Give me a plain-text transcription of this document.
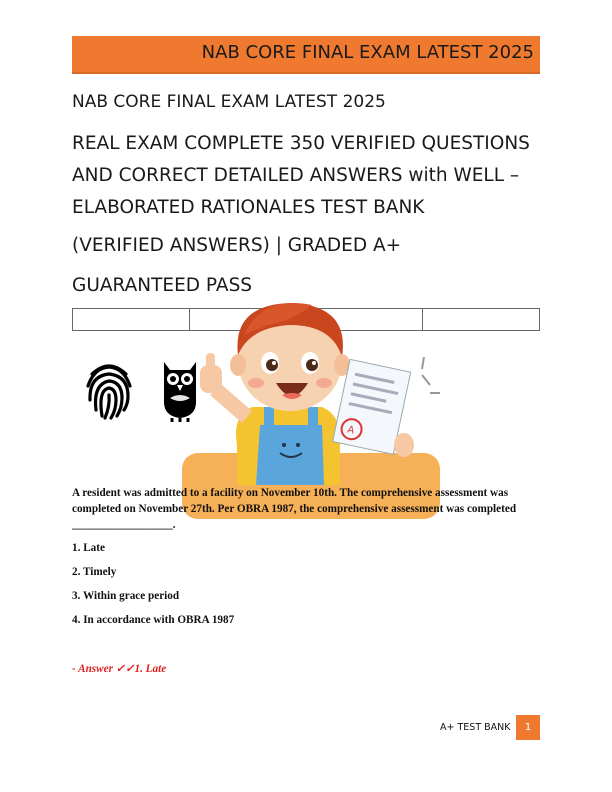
NAB CORE FINAL EXAM LATEST 2025
NAB CORE FINAL EXAM LATEST 2025

REAL EXAM COMPLETE 350 VERIFIED QUESTIONS

AND CORRECT DETAILED ANSWERS with WELL –

ELABORATED RATIONALES TEST BANK

(VERIFIED ANSWERS) | GRADED A+

GUARANTEED PASS

A
A resident was admitted to a facility on November 10th. The comprehensive assessment was completed on November 27th. Per OBRA 1987, the comprehensive assessment was completed __________________.
1. Late
2. Timely
3. Within grace period
4. In accordance with OBRA 1987
- Answer ✓✓1. Late
A+ TEST BANK	1
